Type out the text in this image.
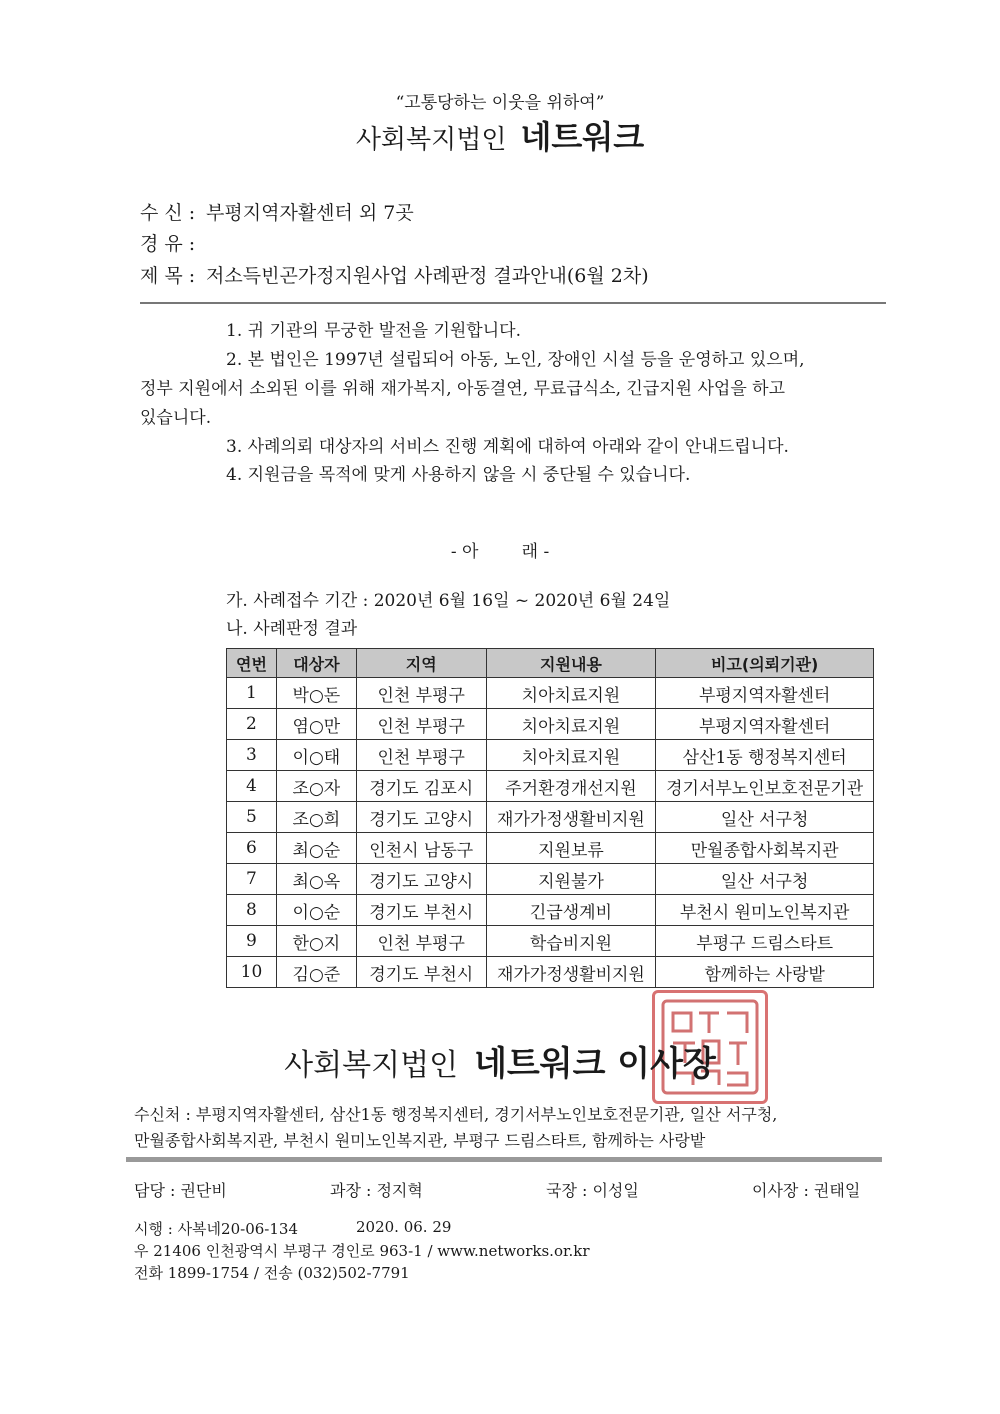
“고통당하는 이웃을 위하여”
사회복지법인 네트워크
수 신 : 부평지역자활센터 외 7곳
경 유 :
제 목 : 저소득빈곤가정지원사업 사례판정 결과안내(6월 2차)
1. 귀 기관의 무궁한 발전을 기원합니다.
2. 본 법인은 1997년 설립되어 아동, 노인, 장애인 시설 등을 운영하고 있으며,
정부 지원에서 소외된 이를 위해 재가복지, 아동결연, 무료급식소, 긴급지원 사업을 하고
있습니다.
3. 사례의뢰 대상자의 서비스 진행 계획에 대하여 아래와 같이 안내드립니다.
4. 지원금을 목적에 맞게 사용하지 않을 시 중단될 수 있습니다.
- 아        래 -
가. 사례접수 기간 : 2020년 6월 16일 ~ 2020년 6월 24일
나. 사례판정 결과
연번	대상자	지역	지원내용	비고(의뢰기관)
1	박○돈	인천 부평구	치아치료지원	부평지역자활센터
2	염○만	인천 부평구	치아치료지원	부평지역자활센터
3	이○태	인천 부평구	치아치료지원	삼산1동 행정복지센터
4	조○자	경기도 김포시	주거환경개선지원	경기서부노인보호전문기관
5	조○희	경기도 고양시	재가가정생활비지원	일산 서구청
6	최○순	인천시 남동구	지원보류	만월종합사회복지관
7	최○옥	경기도 고양시	지원불가	일산 서구청
8	이○순	경기도 부천시	긴급생계비	부천시 원미노인복지관
9	한○지	인천 부평구	학습비지원	부평구 드림스타트
10	김○준	경기도 부천시	재가가정생활비지원	함께하는 사랑밭
사회복지법인 네트워크 이사장
수신처 : 부평지역자활센터, 삼산1동 행정복지센터, 경기서부노인보호전문기관, 일산 서구청,
만월종합사회복지관, 부천시 원미노인복지관, 부평구 드림스타트, 함께하는 사랑밭
담당 : 권단비	과장 : 정지혁	국장 : 이성일	이사장 : 권태일
시행 : 사복네20-06-134	2020. 06. 29
우 21406 인천광역시 부평구 경인로 963-1 / www.networks.or.kr
전화 1899-1754 / 전송 (032)502-7791
